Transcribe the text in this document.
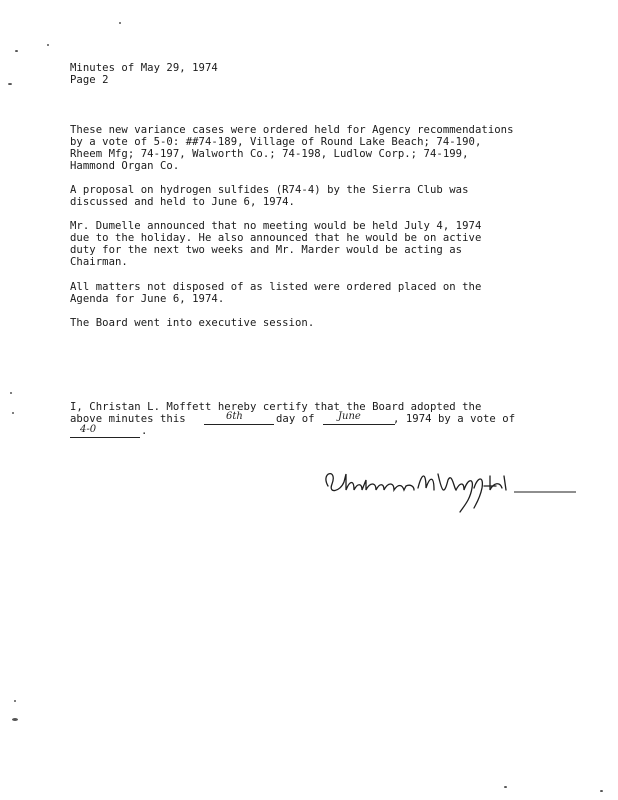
Minutes of May 29, 1974

Page 2

These new variance cases were ordered held for Agency recommendations

by a vote of 5-0: ##74-189, Village of Round Lake Beach; 74-190,

Rheem Mfg; 74-197, Walworth Co.; 74-198, Ludlow Corp.; 74-199,

Hammond Organ Co.

A proposal on hydrogen sulfides (R74-4) by the Sierra Club was

discussed and held to June 6, 1974.

Mr. Dumelle announced that no meeting would be held July 4, 1974

due to the holiday. He also announced that he would be on active

duty for the next two weeks and Mr. Marder would be acting as

Chairman.

All matters not disposed of as listed were ordered placed on the

Agenda for June 6, 1974.

The Board went into executive session.

I, Christan L. Moffett hereby certify that the Board adopted the

above minutes this	6th	day of June	, 1974 by a vote of
4-0	.
